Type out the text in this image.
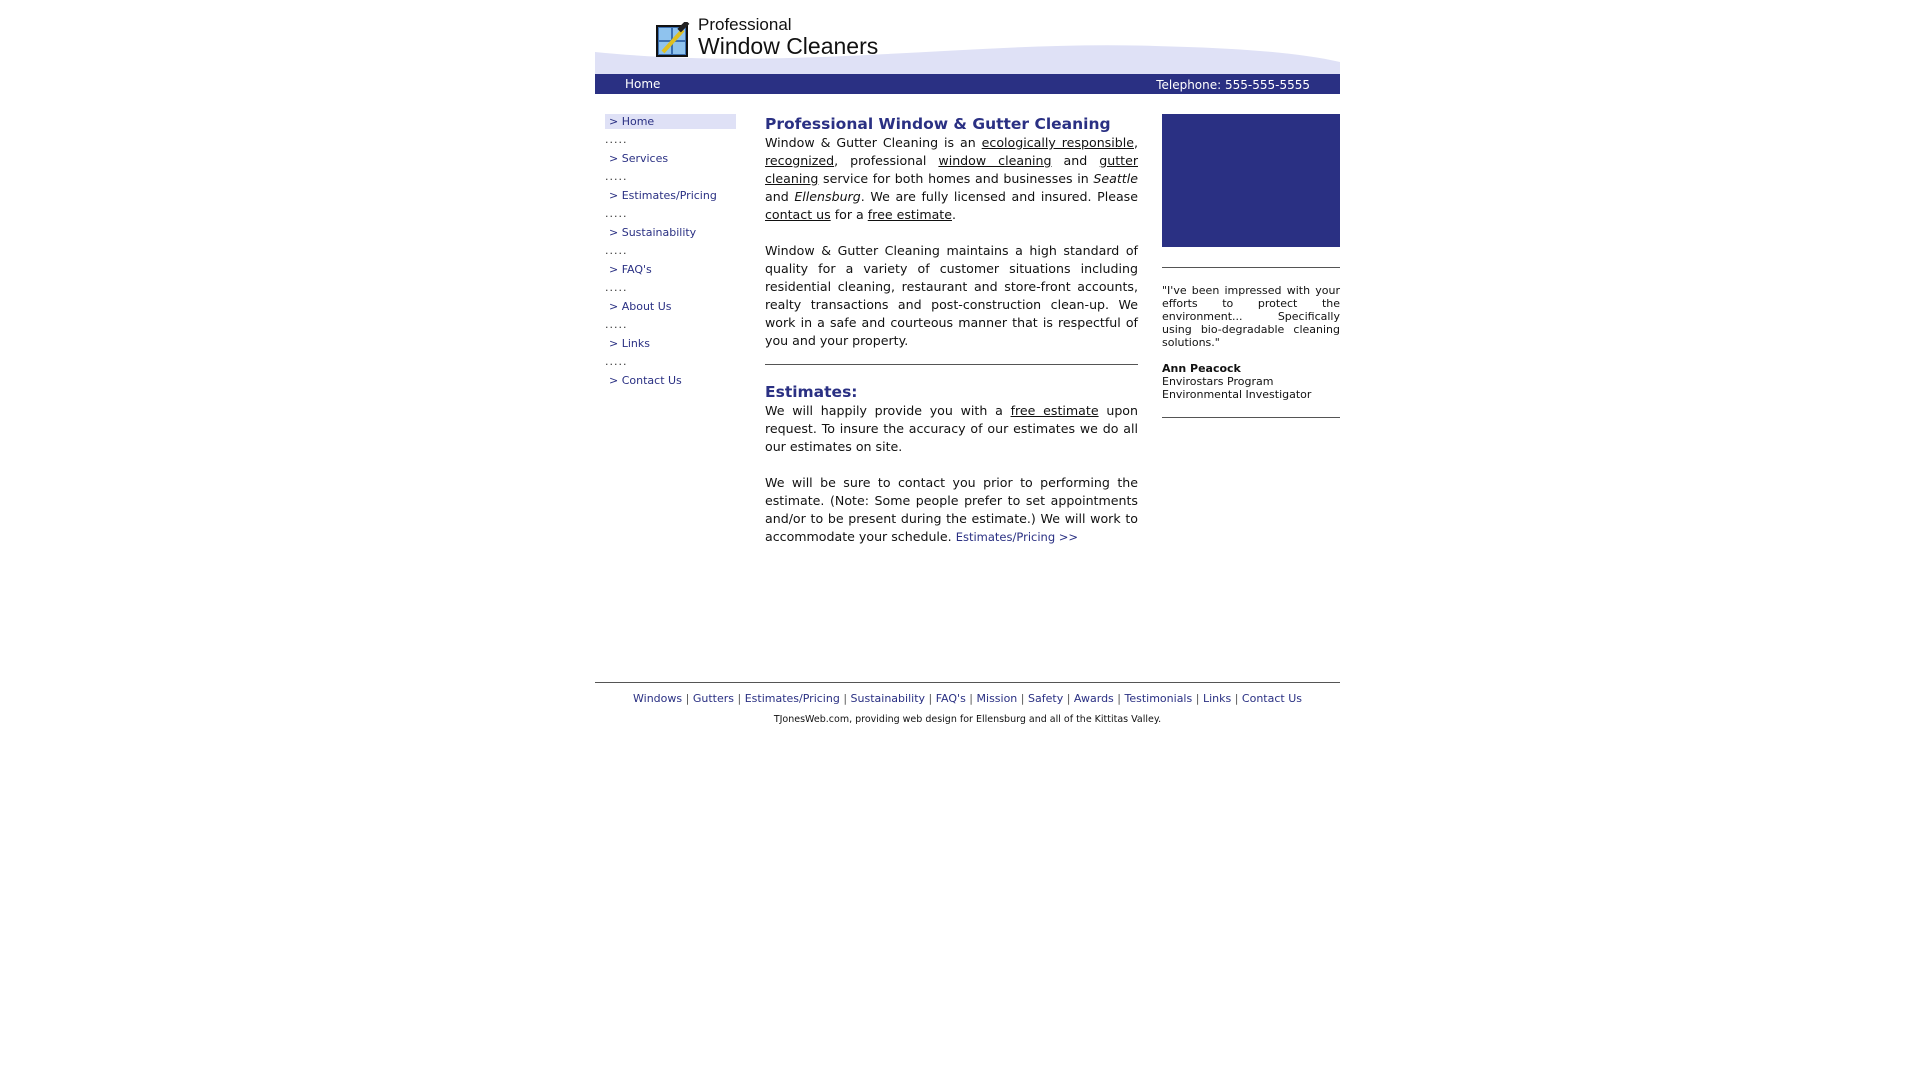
Professional
Window Cleaners
Home	Telephone: 555-555-5555
> Home
.....
> Services
.....
> Estimates/Pricing
.....
> Sustainability
.....
> FAQ's
.....
> About Us
.....
> Links
.....
> Contact Us
Professional Window & Gutter Cleaning

Window & Gutter Cleaning is an ecologically responsible, recognized, professional window cleaning and gutter cleaning service for both homes and businesses in Seattle and Ellensburg. We are fully licensed and insured. Please contact us for a free estimate.

Window & Gutter Cleaning maintains a high standard of quality for a variety of customer situations including residential cleaning, restaurant and store-front accounts, realty transactions and post-construction clean-up. We work in a safe and courteous manner that is respectful of you and your property.

Estimates:

We will happily provide you with a free estimate upon request. To insure the accuracy of our estimates we do all our estimates on site.

We will be sure to contact you prior to performing the estimate. (Note: Some people prefer to set appointments and/or to be present during the estimate.) We will work to accommodate your schedule. Estimates/Pricing >>

"I've been impressed with your efforts to protect the environment... Specifically using bio-degradable cleaning solutions."
Ann Peacock
Envirostars Program
Environmental Investigator
Windows | Gutters | Estimates/Pricing | Sustainability | FAQ's | Mission | Safety | Awards | Testimonials | Links | Contact Us
TJonesWeb.com, providing web design for Ellensburg and all of the Kittitas Valley.
